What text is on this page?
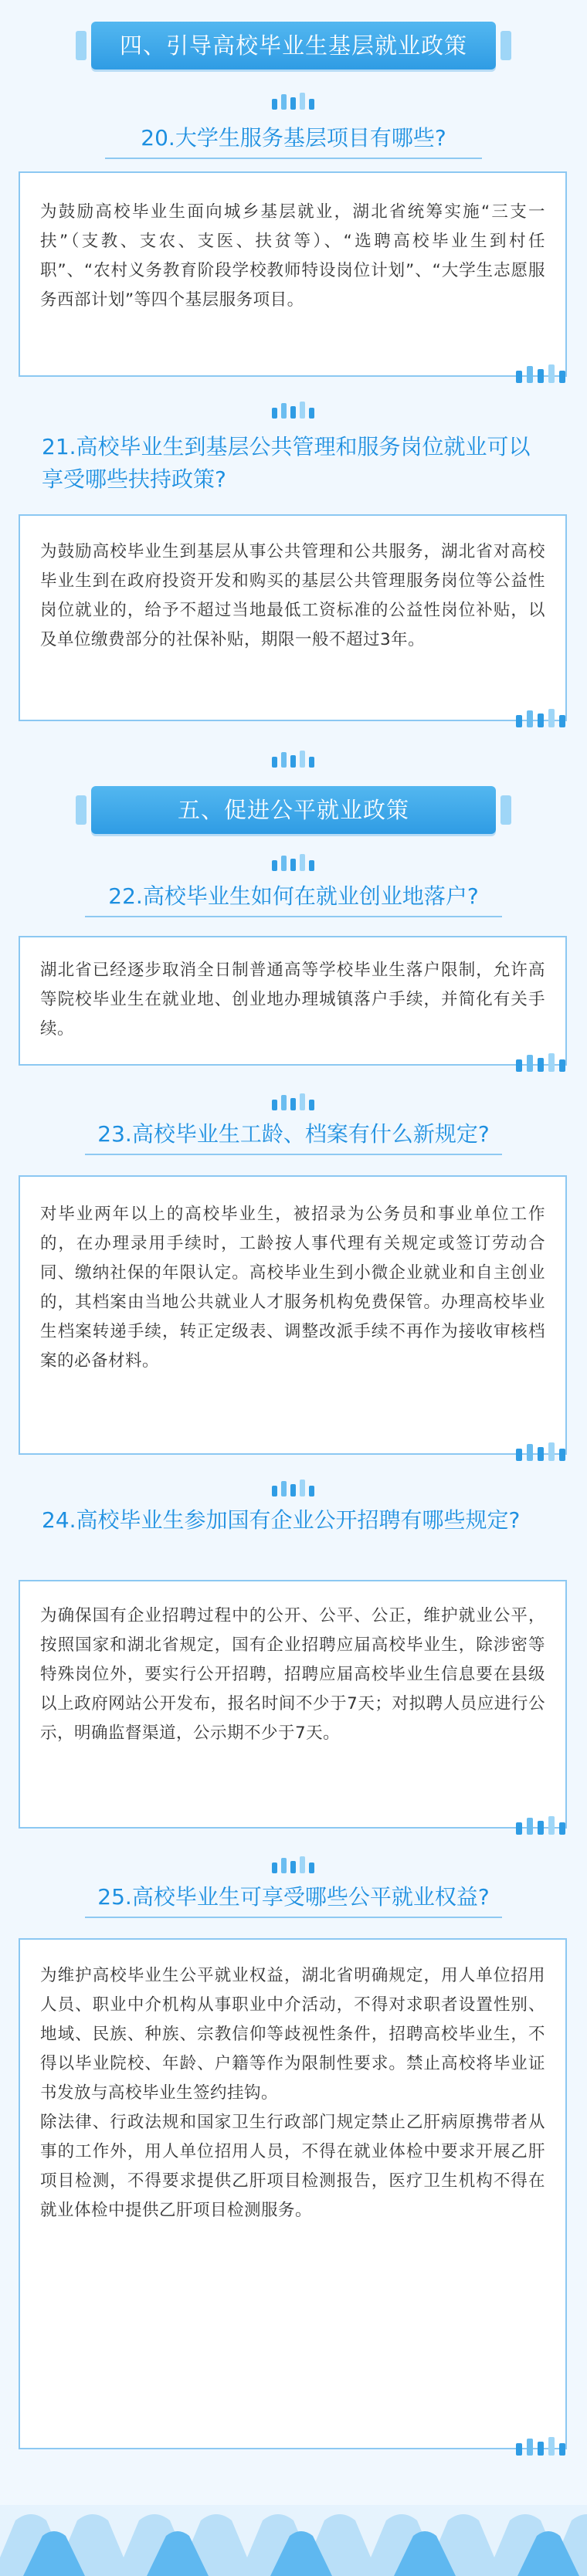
四、引导高校毕业生基层就业政策
20.大学生服务基层项目有哪些?

为鼓励高校毕业生面向城乡基层就业，湖北省统筹实施“三支一扶”（支教、支农、支医、扶贫等）、“选聘高校毕业生到村任职”、“农村义务教育阶段学校教师特设岗位计划”、“大学生志愿服务西部计划”等四个基层服务项目。

21.高校毕业生到基层公共管理和服务岗位就业可以享受哪些扶持政策?

为鼓励高校毕业生到基层从事公共管理和公共服务，湖北省对高校毕业生到在政府投资开发和购买的基层公共管理服务岗位等公益性岗位就业的，给予不超过当地最低工资标准的公益性岗位补贴，以及单位缴费部分的社保补贴，期限一般不超过3年。

五、促进公平就业政策
22.高校毕业生如何在就业创业地落户?

湖北省已经逐步取消全日制普通高等学校毕业生落户限制，允许高等院校毕业生在就业地、创业地办理城镇落户手续，并简化有关手续。

23.高校毕业生工龄、档案有什么新规定?

对毕业两年以上的高校毕业生，被招录为公务员和事业单位工作的，在办理录用手续时，工龄按人事代理有关规定或签订劳动合同、缴纳社保的年限认定。高校毕业生到小微企业就业和自主创业的，其档案由当地公共就业人才服务机构免费保管。办理高校毕业生档案转递手续，转正定级表、调整改派手续不再作为接收审核档案的必备材料。

24.高校毕业生参加国有企业公开招聘有哪些规定?

为确保国有企业招聘过程中的公开、公平、公正，维护就业公平，按照国家和湖北省规定，国有企业招聘应届高校毕业生，除涉密等特殊岗位外，要实行公开招聘，招聘应届高校毕业生信息要在县级以上政府网站公开发布，报名时间不少于7天；对拟聘人员应进行公示，明确监督渠道，公示期不少于7天。

25.高校毕业生可享受哪些公平就业权益?

为维护高校毕业生公平就业权益，湖北省明确规定，用人单位招用人员、职业中介机构从事职业中介活动，不得对求职者设置性别、地域、民族、种族、宗教信仰等歧视性条件，招聘高校毕业生，不得以毕业院校、年龄、户籍等作为限制性要求。禁止高校将毕业证书发放与高校毕业生签约挂钩。

除法律、行政法规和国家卫生行政部门规定禁止乙肝病原携带者从事的工作外，用人单位招用人员，不得在就业体检中要求开展乙肝项目检测，不得要求提供乙肝项目检测报告，医疗卫生机构不得在就业体检中提供乙肝项目检测服务。
